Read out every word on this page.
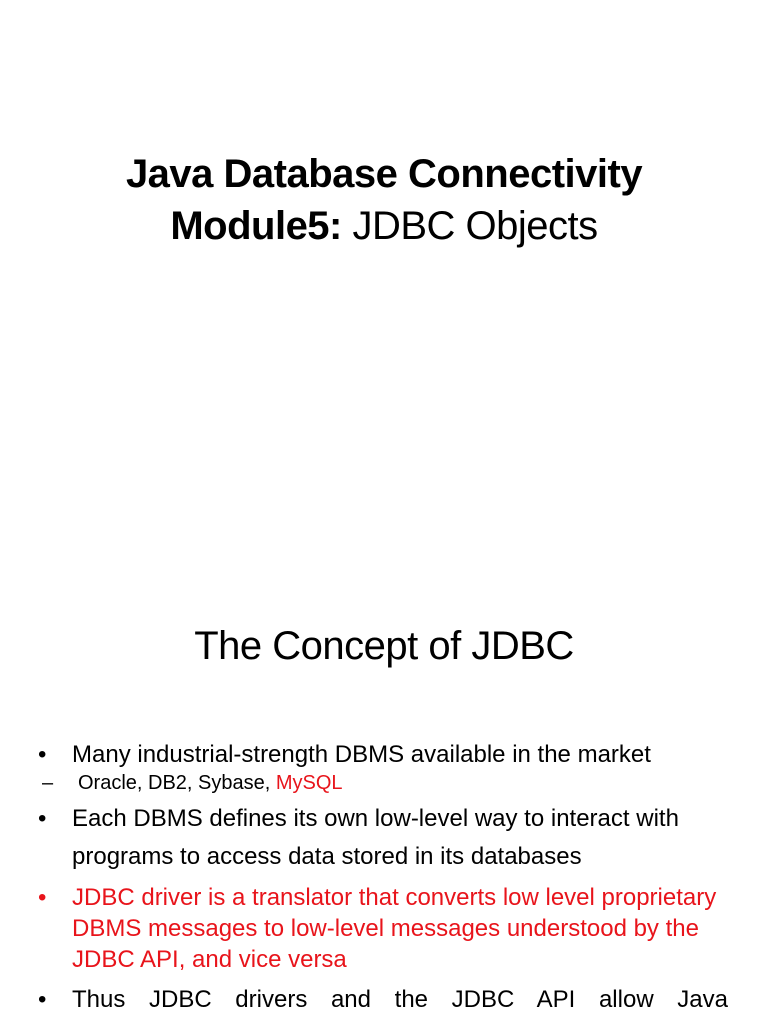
Java Database Connectivity
Module5: JDBC Objects
The Concept of JDBC
• Many industrial-strength DBMS available in the market
– Oracle, DB2, Sybase, MySQL
• Each DBMS defines its own low-level way to interact with programs to access data stored in its databases
• JDBC driver is a translator that converts low level proprietary DBMS messages to low-level messages understood by the JDBC API, and vice versa
• Thus JDBC drivers and the JDBC API allow Java
